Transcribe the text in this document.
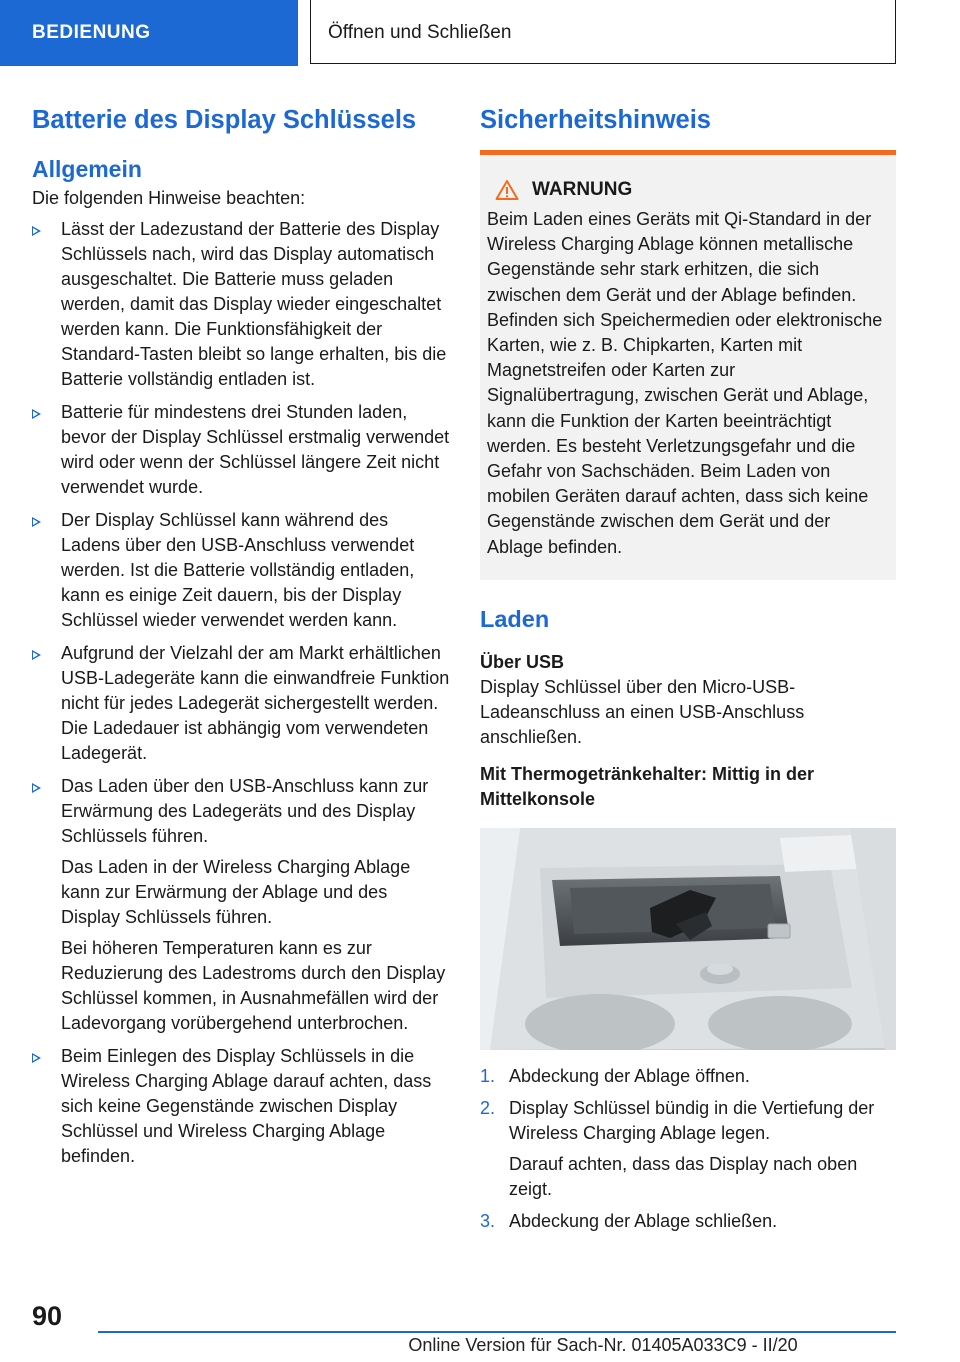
BEDIENUNG	Öffnen und Schließen
Batterie des Display Schlüssels
Allgemein

Die folgenden Hinweise beachten:

Lässt der Ladezustand der Batterie des Display Schlüssels nach, wird das Display automatisch ausgeschaltet. Die Batterie muss geladen werden, damit das Display wieder eingeschaltet werden kann. Die Funktionsfähigkeit der Standard-Tasten bleibt so lange erhalten, bis die Batterie vollständig entladen ist.
Batterie für mindestens drei Stunden laden, bevor der Display Schlüssel erstmalig verwendet wird oder wenn der Schlüssel längere Zeit nicht verwendet wurde.
Der Display Schlüssel kann während des Ladens über den USB-Anschluss verwendet werden. Ist die Batterie vollständig entladen, kann es einige Zeit dauern, bis der Display Schlüssel wieder verwendet werden kann.
Aufgrund der Vielzahl der am Markt erhältlichen USB-Ladegeräte kann die einwandfreie Funktion nicht für jedes Ladegerät sichergestellt werden. Die Ladedauer ist abhängig vom verwendeten Ladegerät.

Das Laden über den USB-Anschluss kann zur Erwärmung des Ladegeräts und des Display Schlüssels führen.

Das Laden in der Wireless Charging Ablage kann zur Erwärmung der Ablage und des Display Schlüssels führen.

Bei höheren Temperaturen kann es zur Reduzierung des Ladestroms durch den Display Schlüssel kommen, in Ausnahmefällen wird der Ladevorgang vorübergehend unterbrochen.

Beim Einlegen des Display Schlüssels in die Wireless Charging Ablage darauf achten, dass sich keine Gegenstände zwischen Display Schlüssel und Wireless Charging Ablage befinden.
Sicherheitshinweis
WARNUNG

Beim Laden eines Geräts mit Qi-Standard in der Wireless Charging Ablage können metallische Gegenstände sehr stark erhitzen, die sich zwischen dem Gerät und der Ablage befinden. Befinden sich Speichermedien oder elektronische Karten, wie z. B. Chipkarten, Karten mit Magnetstreifen oder Karten zur Signalübertragung, zwischen Gerät und Ablage, kann die Funktion der Karten beeinträchtigt werden. Es besteht Verletzungsgefahr und die Gefahr von Sachschäden. Beim Laden von mobilen Geräten darauf achten, dass sich keine Gegenstände zwischen dem Gerät und der Ablage befinden.

Laden
Über USB

Display Schlüssel über den Micro-USB-Ladeanschluss an einen USB-Anschluss anschließen.

Mit Thermogetränkehalter: Mittig in der Mittelkonsole
1. Abdeckung der Ablage öffnen.
2. Display Schlüssel bündig in die Vertiefung der Wireless Charging Ablage legen.

Darauf achten, dass das Display nach oben zeigt.

3. Abdeckung der Ablage schließen.
90
Online Version für Sach-Nr. 01405A033C9 - II/20
